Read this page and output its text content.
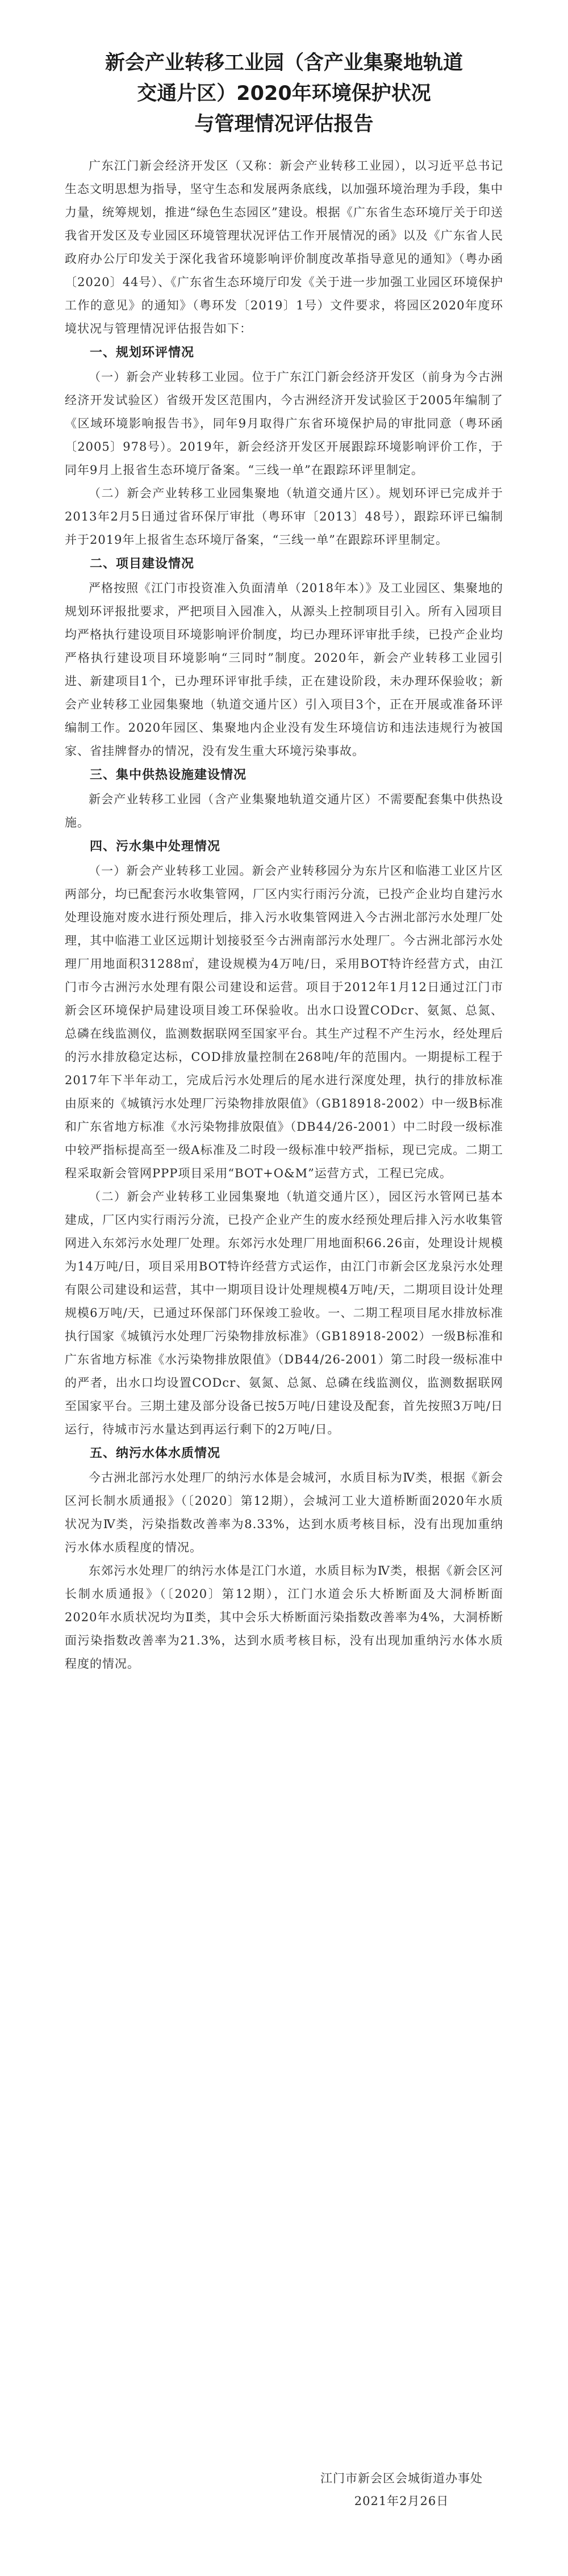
新会产业转移工业园（含产业集聚地轨道
交通片区）2020年环境保护状况
与管理情况评估报告

广东江门新会经济开发区（又称：新会产业转移工业园），以习近平总书记生态文明思想为指导，坚守生态和发展两条底线，以加强环境治理为手段，集中力量，统筹规划，推进“绿色生态园区”建设。根据《广东省生态环境厅关于印送我省开发区及专业园区环境管理状况评估工作开展情况的函》以及《广东省人民政府办公厅印发关于深化我省环境影响评价制度改革指导意见的通知》（粤办函〔2020〕44号）、《广东省生态环境厅印发《关于进一步加强工业园区环境保护工作的意见》的通知》（粤环发〔2019〕1号）文件要求，将园区2020年度环境状况与管理情况评估报告如下：

一、规划环评情况

（一）新会产业转移工业园。位于广东江门新会经济开发区（前身为今古洲经济开发试验区）省级开发区范围内，今古洲经济开发试验区于2005年编制了《区域环境影响报告书》，同年9月取得广东省环境保护局的审批同意（粤环函〔2005〕978号）。2019年，新会经济开发区开展跟踪环境影响评价工作，于同年9月上报省生态环境厅备案。“三线一单”在跟踪环评里制定。

（二）新会产业转移工业园集聚地（轨道交通片区）。规划环评已完成并于2013年2月5日通过省环保厅审批（粤环审〔2013〕48号），跟踪环评已编制并于2019年上报省生态环境厅备案，“三线一单”在跟踪环评里制定。

二、项目建设情况

严格按照《江门市投资准入负面清单（2018年本）》及工业园区、集聚地的规划环评报批要求，严把项目入园准入，从源头上控制项目引入。所有入园项目均严格执行建设项目环境影响评价制度，均已办理环评审批手续，已投产企业均严格执行建设项目环境影响“三同时”制度。2020年，新会产业转移工业园引进、新建项目1个，已办理环评审批手续，正在建设阶段，未办理环保验收；新会产业转移工业园集聚地（轨道交通片区）引入项目3个，正在开展或准备环评编制工作。2020年园区、集聚地内企业没有发生环境信访和违法违规行为被国家、省挂牌督办的情况，没有发生重大环境污染事故。

三、集中供热设施建设情况

新会产业转移工业园（含产业集聚地轨道交通片区）不需要配套集中供热设施。

四、污水集中处理情况

（一）新会产业转移工业园。新会产业转移园分为东片区和临港工业区片区两部分，均已配套污水收集管网，厂区内实行雨污分流，已投产企业均自建污水处理设施对废水进行预处理后，排入污水收集管网进入今古洲北部污水处理厂处理，其中临港工业区远期计划接驳至今古洲南部污水处理厂。今古洲北部污水处理厂用地面积31288㎡，建设规模为4万吨/日，采用BOT特许经营方式，由江门市今古洲污水处理有限公司建设和运营。项目于2012年1月12日通过江门市新会区环境保护局建设项目竣工环保验收。出水口设置CODcr、氨氮、总氮、总磷在线监测仪，监测数据联网至国家平台。其生产过程不产生污水，经处理后的污水排放稳定达标，COD排放量控制在268吨/年的范围内。一期提标工程于2017年下半年动工，完成后污水处理后的尾水进行深度处理，执行的排放标准由原来的《城镇污水处理厂污染物排放限值》（GB18918-2002）中一级B标准和广东省地方标准《水污染物排放限值》（DB44/26-2001）中二时段一级标准中较严指标提高至一级A标准及二时段一级标准中较严指标，现已完成。二期工程采取新会管网PPP项目采用“BOT+O&M”运营方式，工程已完成。

（二）新会产业转移工业园集聚地（轨道交通片区），园区污水管网已基本建成，厂区内实行雨污分流，已投产企业产生的废水经预处理后排入污水收集管网进入东郊污水处理厂处理。东郊污水处理厂用地面积66.26亩，处理设计规模为14万吨/日，项目采用BOT特许经营方式运作，由江门市新会区龙泉污水处理有限公司建设和运营，其中一期项目设计处理规模4万吨/天，二期项目设计处理规模6万吨/天，已通过环保部门环保竣工验收。一、二期工程项目尾水排放标准执行国家《城镇污水处理厂污染物排放标准》（GB18918-2002）一级B标准和广东省地方标准《水污染物排放限值》（DB44/26-2001）第二时段一级标准中的严者，出水口均设置CODcr、氨氮、总氮、总磷在线监测仪，监测数据联网至国家平台。三期土建及部分设备已按5万吨/日建设及配套，首先按照3万吨/日运行，待城市污水量达到再运行剩下的2万吨/日。

五、纳污水体水质情况

今古洲北部污水处理厂的纳污水体是会城河，水质目标为Ⅳ类，根据《新会区河长制水质通报》（〔2020〕第12期），会城河工业大道桥断面2020年水质状况为Ⅳ类，污染指数改善率为8.33%，达到水质考核目标，没有出现加重纳污水体水质程度的情况。

东郊污水处理厂的纳污水体是江门水道，水质目标为Ⅳ类，根据《新会区河长制水质通报》（〔2020〕第12期），江门水道会乐大桥断面及大洞桥断面2020年水质状况均为Ⅱ类，其中会乐大桥断面污染指数改善率为4%，大洞桥断面污染指数改善率为21.3%，达到水质考核目标，没有出现加重纳污水体水质程度的情况。

江门市新会区会城街道办事处
2021年2月26日
